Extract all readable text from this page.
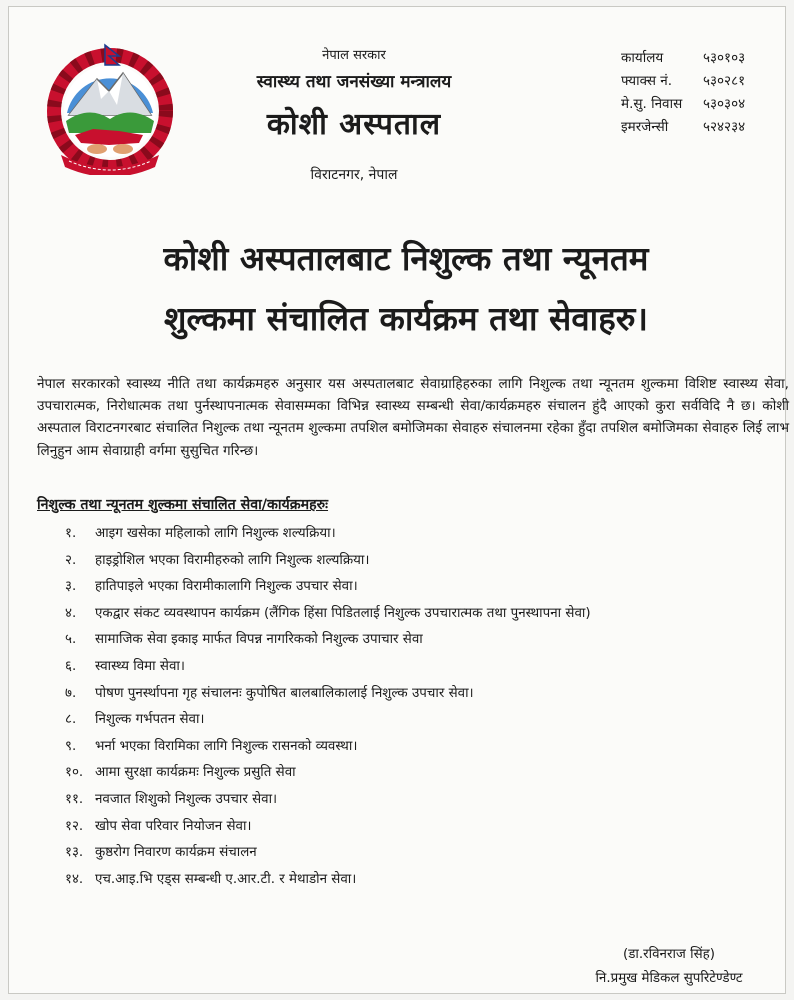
नेपाल सरकार

स्वास्थ्य तथा जनसंख्या मन्त्रालय

कोशी अस्पताल

विराटनगर, नेपाल

कार्यालय	५३०१०३
फ्याक्स नं.	५३०२८१
मे.सु. निवास	५३०३०४
इमरजेन्सी	५२४२३४
कोशी अस्पतालबाट निशुल्क तथा न्यूनतम
शुल्कमा संचालित कार्यक्रम तथा सेवाहरु।

नेपाल सरकारको स्वास्थ्य नीति तथा कार्यक्रमहरु अनुसार यस अस्पतालबाट सेवाग्राहिहरुका लागि निशुल्क तथा न्यूनतम शुल्कमा विशिष्ट स्वास्थ्य सेवा, उपचारात्मक, निरोधात्मक तथा पुर्नस्थापनात्मक सेवासम्मका विभिन्न स्वास्थ्य सम्बन्धी सेवा/कार्यक्रमहरु संचालन हुंदै आएको कुरा सर्वविदि नै छ। कोशी अस्पताल विराटनगरबाट संचालित निशुल्क तथा न्यूनतम शुल्कमा तपशिल बमोजिमका सेवाहरु संचालनमा रहेका हुँदा तपशिल बमोजिमका सेवाहरु लिई लाभ लिनुहुन आम सेवाग्राही वर्गमा सुसुचित गरिन्छ।

निशुल्क तथा न्यूनतम शुल्कमा संचालित सेवा/कार्यक्रमहरुः
१.	आइग खसेका महिलाको लागि निशुल्क शल्यक्रिया।
२.	हाइड्रोशिल भएका विरामीहरुको लागि निशुल्क शल्यक्रिया।
३.	हातिपाइले भएका विरामीकालागि निशुल्क उपचार सेवा।
४.	एकद्वार संकट व्यवस्थापन कार्यक्रम (लैंगिक हिंसा पिडितलाई निशुल्क उपचारात्मक तथा पुनस्थापना सेवा)
५.	सामाजिक सेवा इकाइ मार्फत विपन्न नागरिकको निशुल्क उपाचार सेवा
६.	स्वास्थ्य विमा सेवा।
७.	पोषण पुनर्स्थापना गृह संचालनः कुपोषित बालबालिकालाई निशुल्क उपचार सेवा।
८.	निशुल्क गर्भपतन सेवा।
९.	भर्ना भएका विरामिका लागि निशुल्क रासनको व्यवस्था।
१०. आमा सुरक्षा कार्यक्रमः निशुल्क प्रसुति सेवा
११. नवजात शिशुको निशुल्क उपचार सेवा।
१२. खोप सेवा परिवार नियोजन सेवा।
१३. कुष्ठरोग निवारण कार्यक्रम संचालन
१४. एच.आइ.भि एड्स सम्बन्धी ए.आर.टी. र मेथाडोन सेवा।
(डा.रविनराज सिंह)
नि.प्रमुख मेडिकल सुपरिटेण्डेण्ट
